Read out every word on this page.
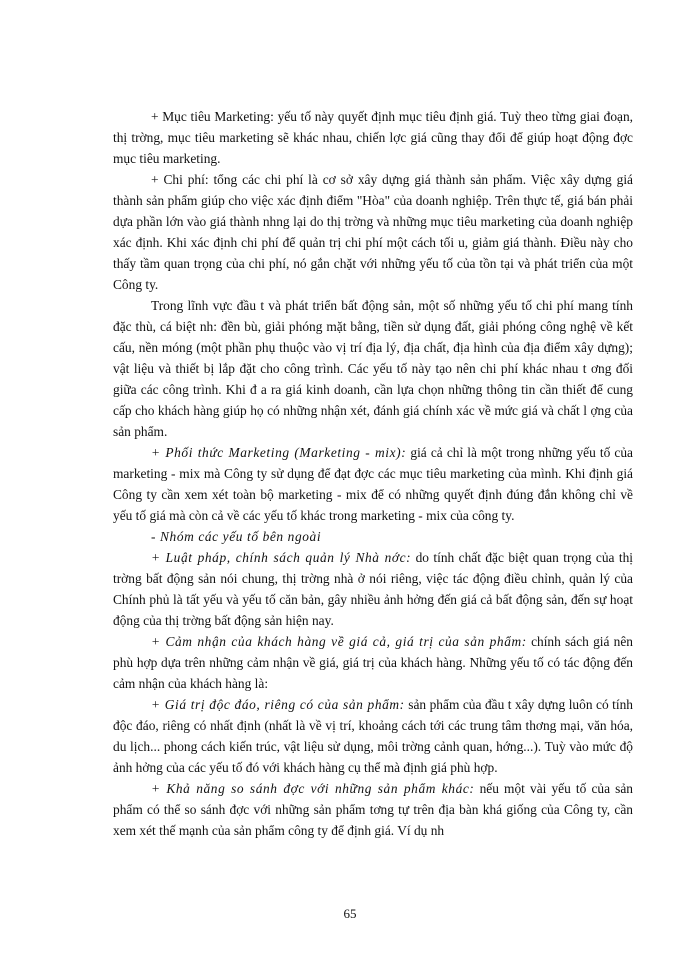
+ Mục tiêu Marketing: yếu tố này quyết định mục tiêu định giá. Tuỳ theo từng giai đoạn, thị trờng, mục tiêu marketing sẽ khác nhau, chiến lợc giá cũng thay đổi để giúp hoạt động đợc mục tiêu marketing.

+ Chi phí: tổng các chi phí là cơ sở xây dựng giá thành sản phẩm. Việc xây dựng giá thành sản phẩm giúp cho việc xác định điểm "Hòa" của doanh nghiệp. Trên thực tế, giá bán phải dựa phần lớn vào giá thành nhng lại do thị trờng và những mục tiêu marketing của doanh nghiệp xác định. Khi xác định chi phí để quản trị chi phí một cách tối u, giảm giá thành. Điều này cho thấy tầm quan trọng của chi phí, nó gắn chặt với những yếu tố của tồn tại và phát triển của một Công ty.

Trong lĩnh vực đầu t và phát triển bất động sản, một số những yếu tố chi phí mang tính đặc thù, cá biệt nh: đền bù, giải phóng mặt bằng, tiền sử dụng đất, giải phóng công nghệ về kết cấu, nền móng (một phần phụ thuộc vào vị trí địa lý, địa chất, địa hình của địa điểm xây dựng); vật liệu và thiết bị lắp đặt cho công trình. Các yếu tố này tạo nên chi phí khác nhau t ơng đối giữa các công trình. Khi đ a ra giá kinh doanh, cần lựa chọn những thông tin cần thiết để cung cấp cho khách hàng giúp họ có những nhận xét, đánh giá chính xác về mức giá và chất l ợng của sản phẩm.

+ Phối thức Marketing (Marketing - mix): giá cả chỉ là một trong những yếu tố của marketing - mix mà Công ty sử dụng để đạt đợc các mục tiêu marketing của mình. Khi định giá Công ty cần xem xét toàn bộ marketing - mix để có những quyết định đúng đắn không chỉ về yếu tố giá mà còn cả về các yếu tố khác trong marketing - mix của công ty.

- Nhóm các yếu tố bên ngoài

+ Luật pháp, chính sách quản lý Nhà nớc: do tính chất đặc biệt quan trọng của thị trờng bất động sản nói chung, thị trờng nhà ở nói riêng, việc tác động điều chỉnh, quản lý của Chính phủ là tất yếu và yếu tố căn bản, gây nhiều ảnh hởng đến giá cả bất động sản, đến sự hoạt động của thị trờng bất động sản hiện nay.

+ Cảm nhận của khách hàng về giá cả, giá trị của sản phẩm: chính sách giá nên phù hợp dựa trên những cảm nhận về giá, giá trị của khách hàng. Những yếu tố có tác động đến cảm nhận của khách hàng là:

+ Giá trị độc đáo, riêng có của sản phẩm: sản phẩm của đầu t xây dựng luôn có tính độc đáo, riêng có nhất định (nhất là về vị trí, khoảng cách tới các trung tâm thơng mại, văn hóa, du lịch... phong cách kiến trúc, vật liệu sử dụng, môi trờng cảnh quan, hớng...). Tuỳ vào mức độ ảnh hởng của các yếu tố đó với khách hàng cụ thể mà định giá phù hợp.

+ Khả năng so sánh đợc với những sản phẩm khác: nếu một vài yếu tố của sản phẩm có thể so sánh đợc với những sản phẩm tơng tự trên địa bàn khá giống của Công ty, cần xem xét thế mạnh của sản phẩm công ty để định giá. Ví dụ nh

65
